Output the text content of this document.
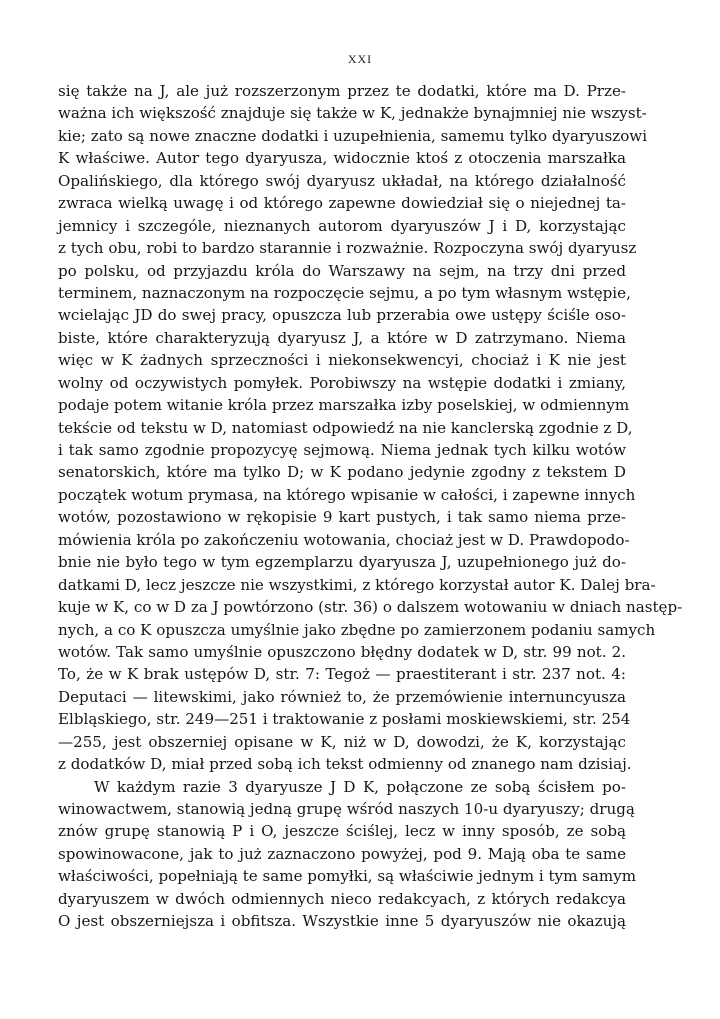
XXI
się także na J, ale już rozszerzonym przez te dodatki, które ma D. Prze-
ważna ich większość znajduje się także w K, jednakże bynajmniej nie wszyst-
kie; zato są nowe znaczne dodatki i uzupełnienia, samemu tylko dyaryuszowi
K właściwe. Autor tego dyaryusza, widocznie ktoś z otoczenia marszałka
Opalińskiego, dla którego swój dyaryusz układał, na którego działalność
zwraca wielką uwagę i od którego zapewne dowiedział się o niejednej ta-
jemnicy i szczególe, nieznanych autorom dyaryuszów J i D, korzystając
z tych obu, robi to bardzo starannie i rozważnie. Rozpoczyna swój dyaryusz
po polsku, od przyjazdu króla do Warszawy na sejm, na trzy dni przed
terminem, naznaczonym na rozpoczęcie sejmu, a po tym własnym wstępie,
wcielając JD do swej pracy, opuszcza lub przerabia owe ustępy ściśle oso-
biste, które charakteryzują dyaryusz J, a które w D zatrzymano. Niema
więc w K żadnych sprzeczności i niekonsekwencyi, chociaż i K nie jest
wolny od oczywistych pomyłek. Porobiwszy na wstępie dodatki i zmiany,
podaje potem witanie króla przez marszałka izby poselskiej, w odmiennym
tekście od tekstu w D, natomiast odpowiedź na nie kanclerską zgodnie z D,
i tak samo zgodnie propozycyę sejmową. Niema jednak tych kilku wotów
senatorskich, które ma tylko D; w K podano jedynie zgodny z tekstem D
początek wotum prymasa, na którego wpisanie w całości, i zapewne innych
wotów, pozostawiono w rękopisie 9 kart pustych, i tak samo niema prze-
mówienia króla po zakończeniu wotowania, chociaż jest w D. Prawdopodo-
bnie nie było tego w tym egzemplarzu dyaryusza J, uzupełnionego już do-
datkami D, lecz jeszcze nie wszystkimi, z którego korzystał autor K. Dalej bra-
kuje w K, co w D za J powtórzono (str. 36) o dalszem wotowaniu w dniach następ-
nych, a co K opuszcza umyślnie jako zbędne po zamierzonem podaniu samych
wotów. Tak samo umyślnie opuszczono błędny dodatek w D, str. 99 not. 2.
To, że w K brak ustępów D, str. 7: Tegoż — praestiterant i str. 237 not. 4:
Deputaci — litewskimi, jako również to, że przemówienie internuncyusza
Elbląskiego, str. 249—251 i traktowanie z posłami moskiewskiemi, str. 254
—255, jest obszerniej opisane w K, niż w D, dowodzi, że K, korzystając
z dodatków D, miał przed sobą ich tekst odmienny od znanego nam dzisiaj.
W każdym razie 3 dyaryusze J D K, połączone ze sobą ścisłem po-
winowactwem, stanowią jedną grupę wśród naszych 10-u dyaryuszy; drugą
znów grupę stanowią P i O, jeszcze ściślej, lecz w inny sposób, ze sobą
spowinowacone, jak to już zaznaczono powyżej, pod 9. Mają oba te same
właściwości, popełniają te same pomyłki, są właściwie jednym i tym samym
dyaryuszem w dwóch odmiennych nieco redakcyach, z których redakcya
O jest obszerniejsza i obfitsza. Wszystkie inne 5 dyaryuszów nie okazują
